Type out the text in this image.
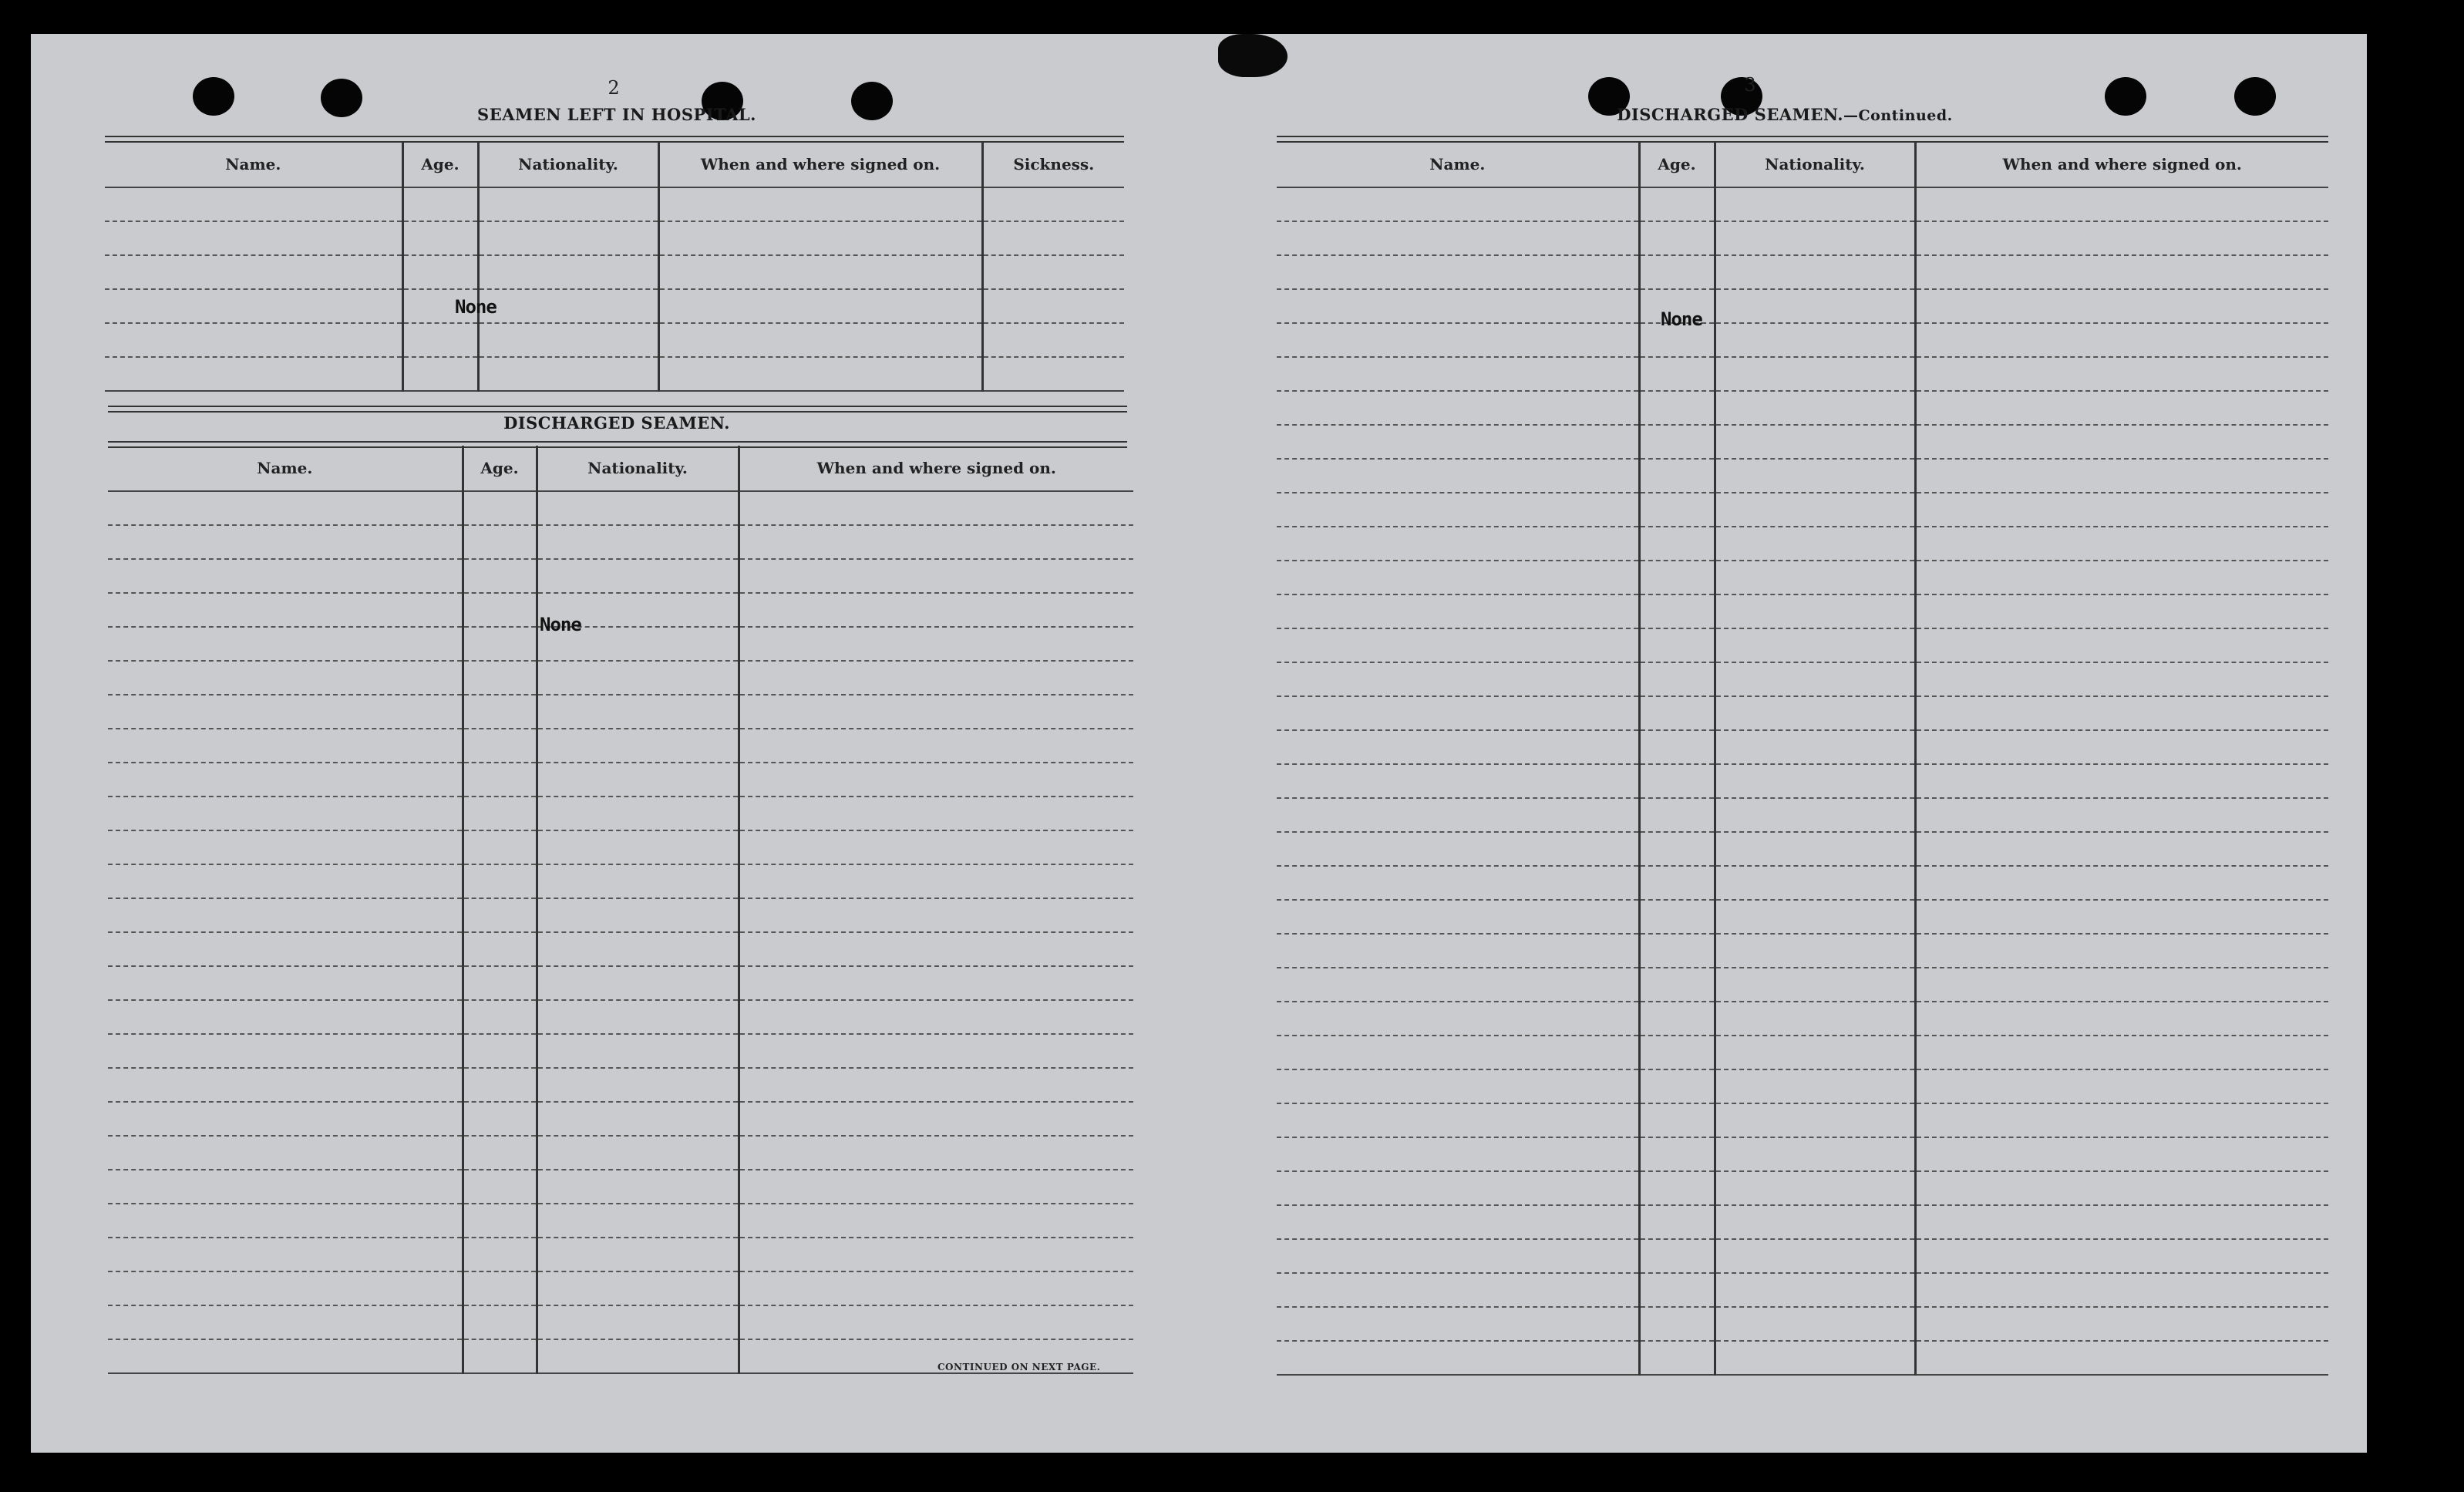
2
SEAMEN LEFT IN HOSPITAL.
Name.	Age.	Nationality.	When and where signed on.	Sickness.

None
DISCHARGED SEAMEN.
Name.	Age.	Nationality.	When and where signed on.

None
CONTINUED ON NEXT PAGE.
3
DISCHARGED SEAMEN.—Continued.
Name.	Age.	Nationality.	When and where signed on.

None
